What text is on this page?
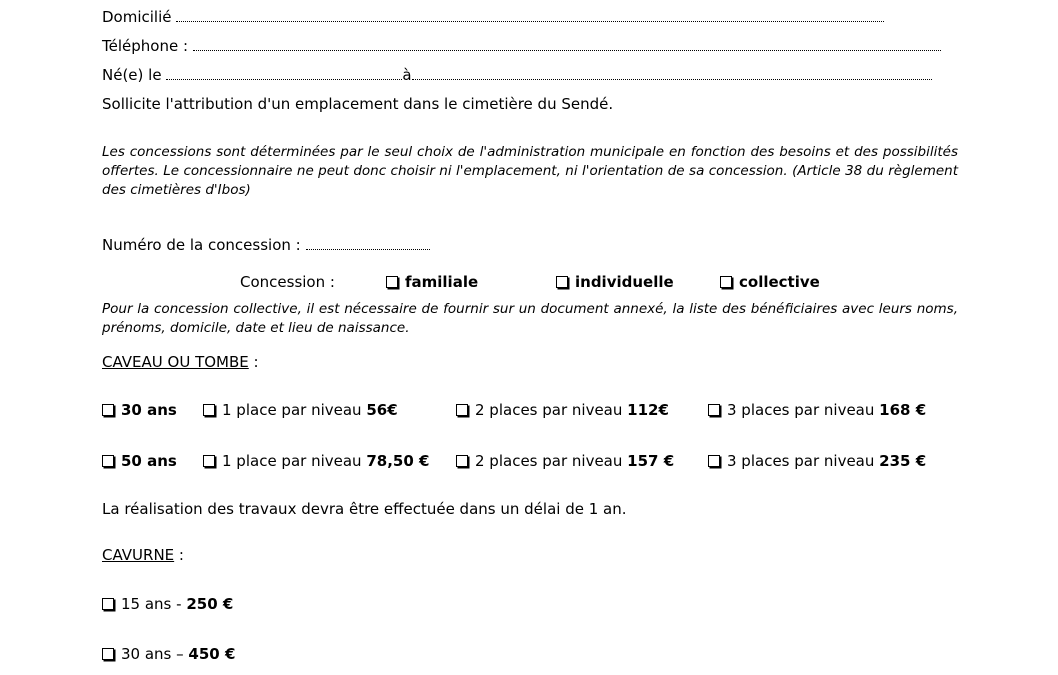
Domicilié
Téléphone :
Né(e) le	à
Sollicite l'attribution d'un emplacement dans le cimetière du Sendé.
Les concessions sont déterminées par le seul choix de l'administration municipale en fonction des besoins et des possibilités offertes. Le concessionnaire ne peut donc choisir ni l'emplacement, ni l'orientation de sa concession. (Article 38 du règlement des cimetières d'Ibos)
Numéro de la concession :
Concession :	familiale	individuelle	collective
Pour la concession collective, il est nécessaire de fournir sur un document annexé, la liste des bénéficiaires avec leurs noms, prénoms, domicile, date et lieu de naissance.
CAVEAU OU TOMBE :
30 ans	1 place par niveau 56€	2 places par niveau 112€	3 places par niveau 168 €
50 ans	1 place par niveau 78,50 €	2 places par niveau 157 €	3 places par niveau 235 €
La réalisation des travaux devra être effectuée dans un délai de 1 an.
CAVURNE :
15 ans - 250 €
30 ans – 450 €
